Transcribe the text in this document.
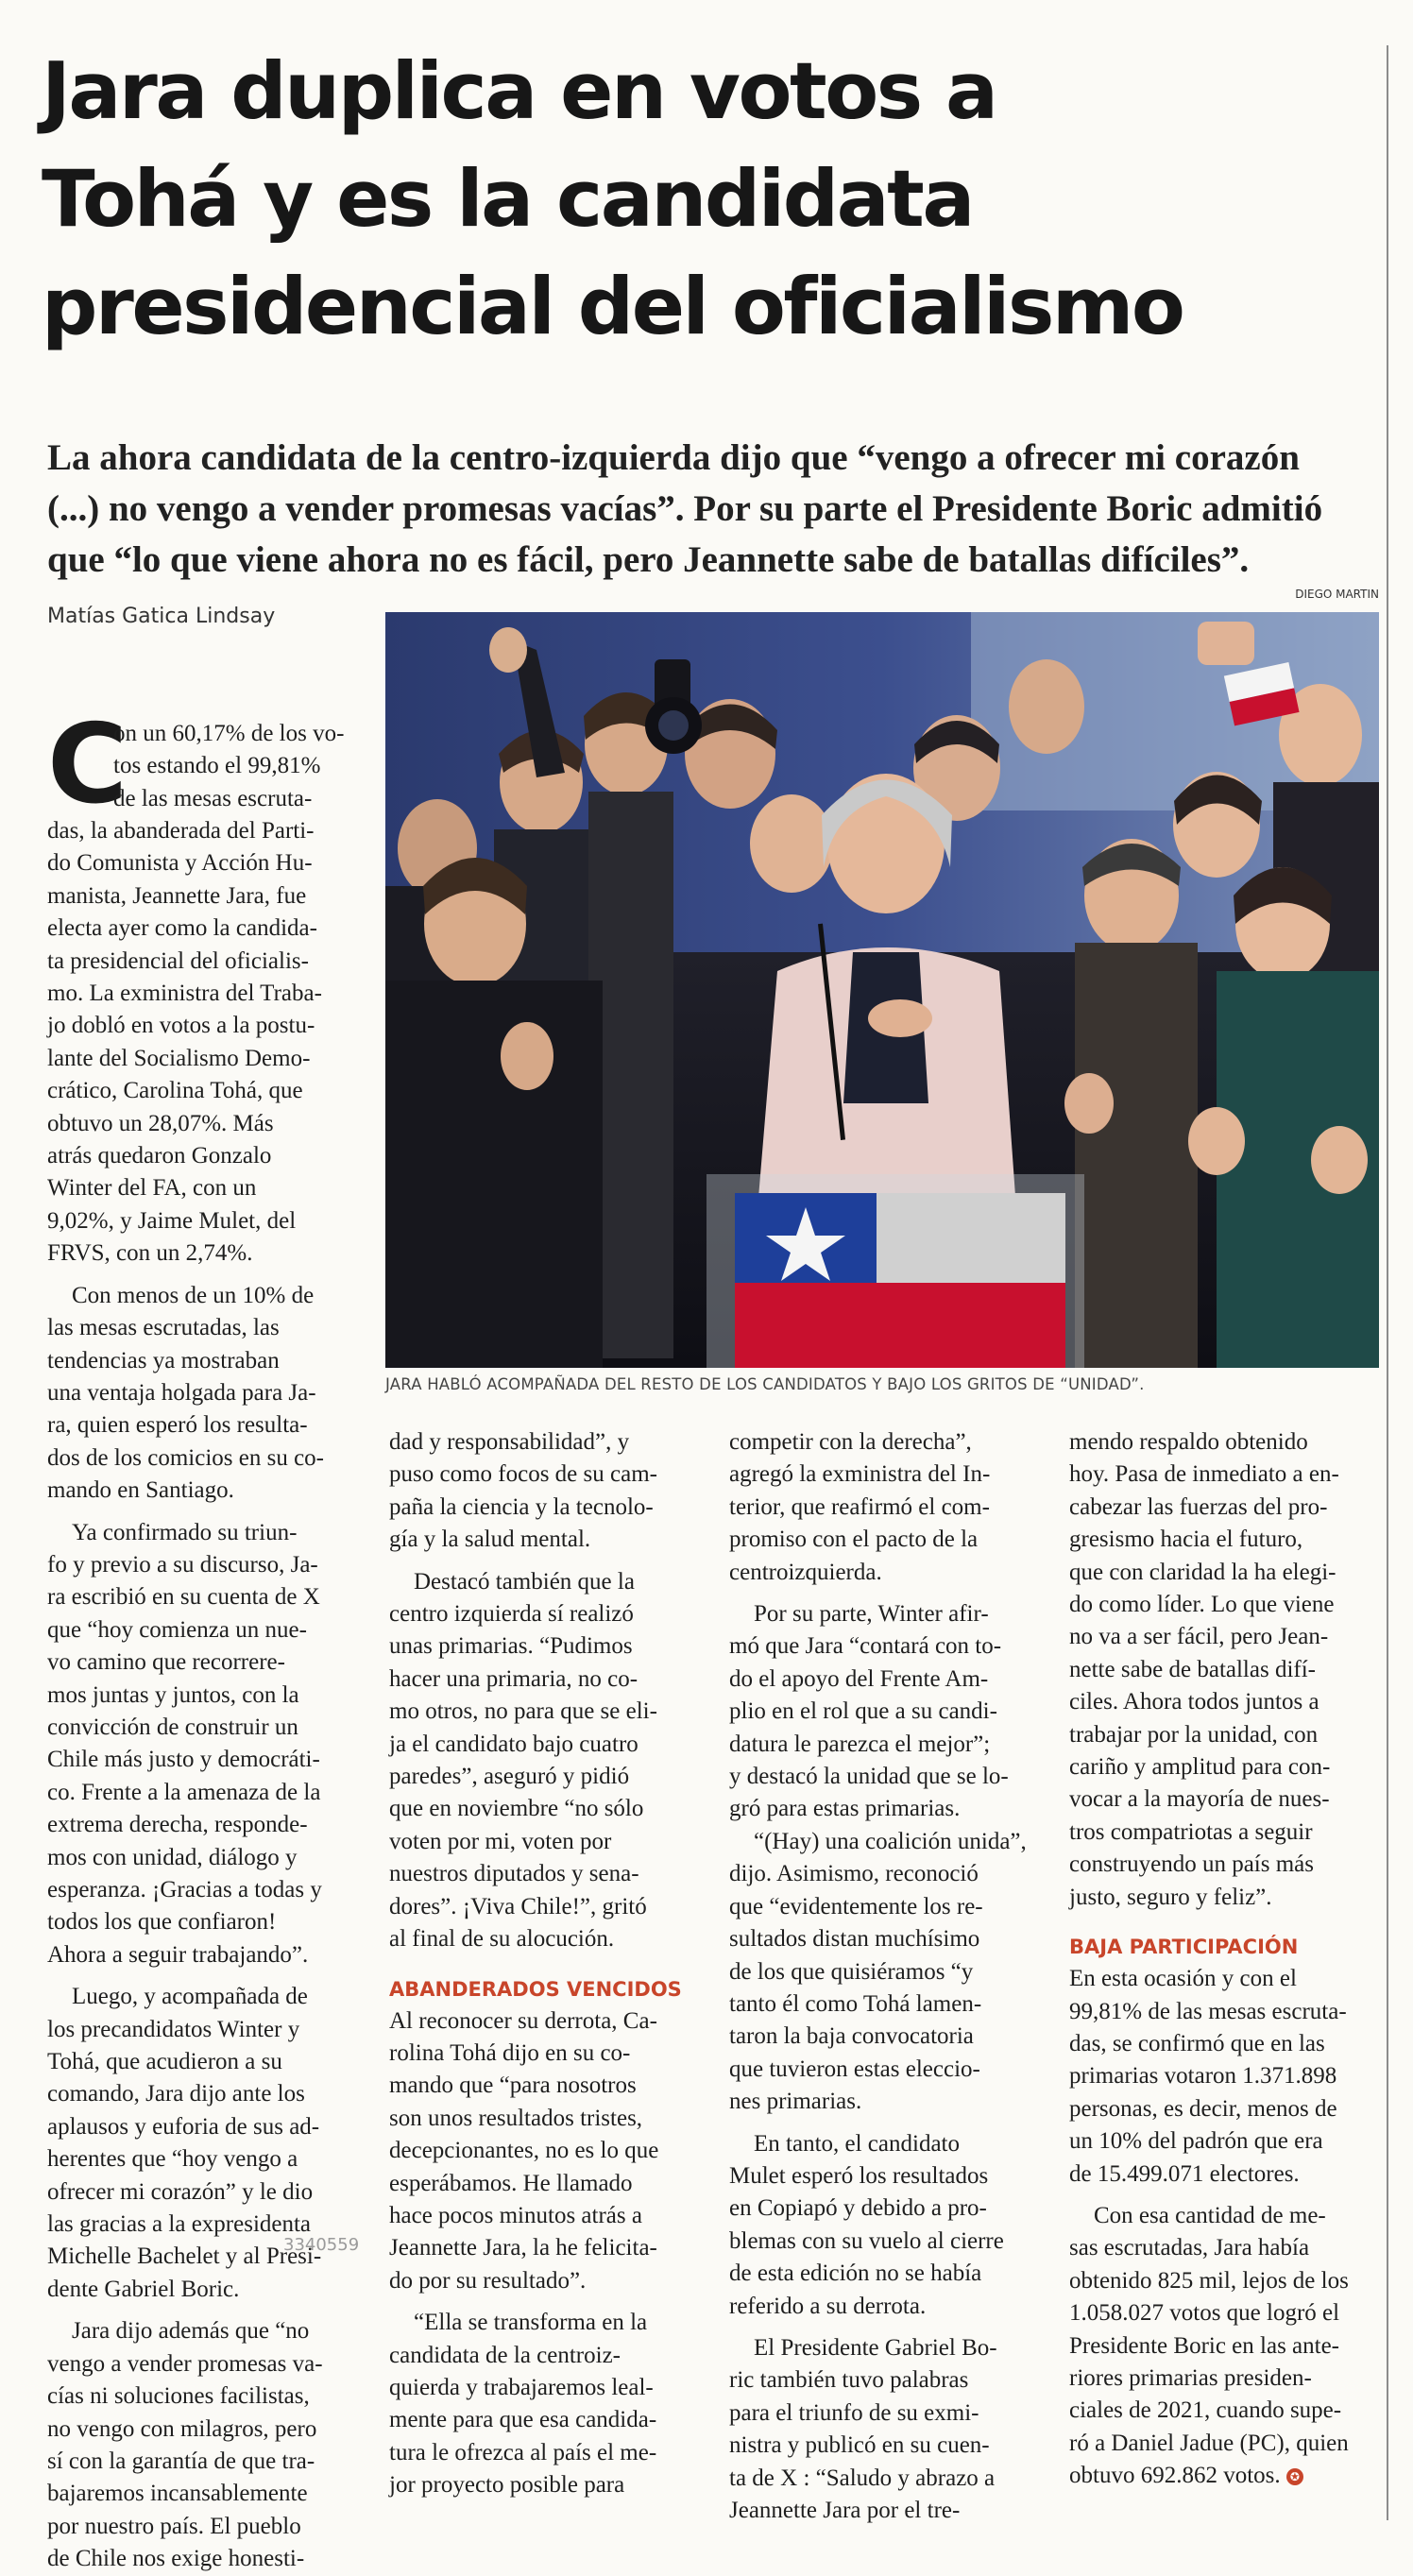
Jara duplica en votos a
Tohá y es la candidata
presidencial del oficialismo
La ahora candidata de la centro-izquierda dijo que “vengo a ofrecer mi corazón
(...) no vengo a vender promesas vacías”. Por su parte el Presidente Boric admitió
que “lo que viene ahora no es fácil, pero Jeannette sabe de batallas difíciles”.
DIEGO MARTIN
Matías Gatica Lindsay
JARA HABLÓ ACOMPAÑADA DEL RESTO DE LOS CANDIDATOS Y BAJO LOS GRITOS DE “UNIDAD”.
C
on un 60,17% de los vo-
tos estando el 99,81%
de las mesas escruta-
das, la abanderada del Parti-
do Comunista y Acción Hu-
manista, Jeannette Jara, fue
electa ayer como la candida-
ta presidencial del oficialis-
mo. La exministra del Traba-
jo dobló en votos a la postu-
lante del Socialismo Demo-
crático, Carolina Tohá, que
obtuvo un 28,07%. Más
atrás quedaron Gonzalo
Winter del FA, con un
9,02%, y Jaime Mulet, del
FRVS, con un 2,74%.
Con menos de un 10% de
las mesas escrutadas, las
tendencias ya mostraban
una ventaja holgada para Ja-
ra, quien esperó los resulta-
dos de los comicios en su co-
mando en Santiago.
Ya confirmado su triun-
fo y previo a su discurso, Ja-
ra escribió en su cuenta de X
que “hoy comienza un nue-
vo camino que recorrere-
mos juntas y juntos, con la
convicción de construir un
Chile más justo y democráti-
co. Frente a la amenaza de la
extrema derecha, responde-
mos con unidad, diálogo y
esperanza. ¡Gracias a todas y
todos los que confiaron!
Ahora a seguir trabajando”.
Luego, y acompañada de
los precandidatos Winter y
Tohá, que acudieron a su
comando, Jara dijo ante los
aplausos y euforia de sus ad-
herentes que “hoy vengo a
ofrecer mi corazón” y le dio
las gracias a la expresidenta
Michelle Bachelet y al Presi-
dente Gabriel Boric.
Jara dijo además que “no
vengo a vender promesas va-
cías ni soluciones facilistas,
no vengo con milagros, pero
sí con la garantía de que tra-
bajaremos incansablemente
por nuestro país. El pueblo
de Chile nos exige honesti-
3340559
dad y responsabilidad”, y
puso como focos de su cam-
paña la ciencia y la tecnolo-
gía y la salud mental.
Destacó también que la
centro izquierda sí realizó
unas primarias. “Pudimos
hacer una primaria, no co-
mo otros, no para que se eli-
ja el candidato bajo cuatro
paredes”, aseguró y pidió
que en noviembre “no sólo
voten por mi, voten por
nuestros diputados y sena-
dores”. ¡Viva Chile!”, gritó
al final de su alocución.
ABANDERADOS VENCIDOS
Al reconocer su derrota, Ca-
rolina Tohá dijo en su co-
mando que “para nosotros
son unos resultados tristes,
decepcionantes, no es lo que
esperábamos. He llamado
hace pocos minutos atrás a
Jeannette Jara, la he felicita-
do por su resultado”.
“Ella se transforma en la
candidata de la centroiz-
quierda y trabajaremos leal-
mente para que esa candida-
tura le ofrezca al país el me-
jor proyecto posible para
competir con la derecha”,
agregó la exministra del In-
terior, que reafirmó el com-
promiso con el pacto de la
centroizquierda.
Por su parte, Winter afir-
mó que Jara “contará con to-
do el apoyo del Frente Am-
plio en el rol que a su candi-
datura le parezca el mejor”;
y destacó la unidad que se lo-
gró para estas primarias.
“(Hay) una coalición unida”,
dijo. Asimismo, reconoció
que “evidentemente los re-
sultados distan muchísimo
de los que quisiéramos “y
tanto él como Tohá lamen-
taron la baja convocatoria
que tuvieron estas eleccio-
nes primarias.
En tanto, el candidato
Mulet esperó los resultados
en Copiapó y debido a pro-
blemas con su vuelo al cierre
de esta edición no se había
referido a su derrota.
El Presidente Gabriel Bo-
ric también tuvo palabras
para el triunfo de su exmi-
nistra y publicó en su cuen-
ta de X : “Saludo y abrazo a
Jeannette Jara por el tre-
mendo respaldo obtenido
hoy. Pasa de inmediato a en-
cabezar las fuerzas del pro-
gresismo hacia el futuro,
que con claridad la ha elegi-
do como líder. Lo que viene
no va a ser fácil, pero Jean-
nette sabe de batallas difí-
ciles. Ahora todos juntos a
trabajar por la unidad, con
cariño y amplitud para con-
vocar a la mayoría de nues-
tros compatriotas a seguir
construyendo un país más
justo, seguro y feliz”.
BAJA PARTICIPACIÓN
En esta ocasión y con el
99,81% de las mesas escruta-
das, se confirmó que en las
primarias votaron 1.371.898
personas, es decir, menos de
un 10% del padrón que era
de 15.499.071 electores.
Con esa cantidad de me-
sas escrutadas, Jara había
obtenido 825 mil, lejos de los
1.058.027 votos que logró el
Presidente Boric en las ante-
riores primarias presiden-
ciales de 2021, cuando supe-
ró a Daniel Jadue (PC), quien
obtuvo 692.862 votos. ✪
